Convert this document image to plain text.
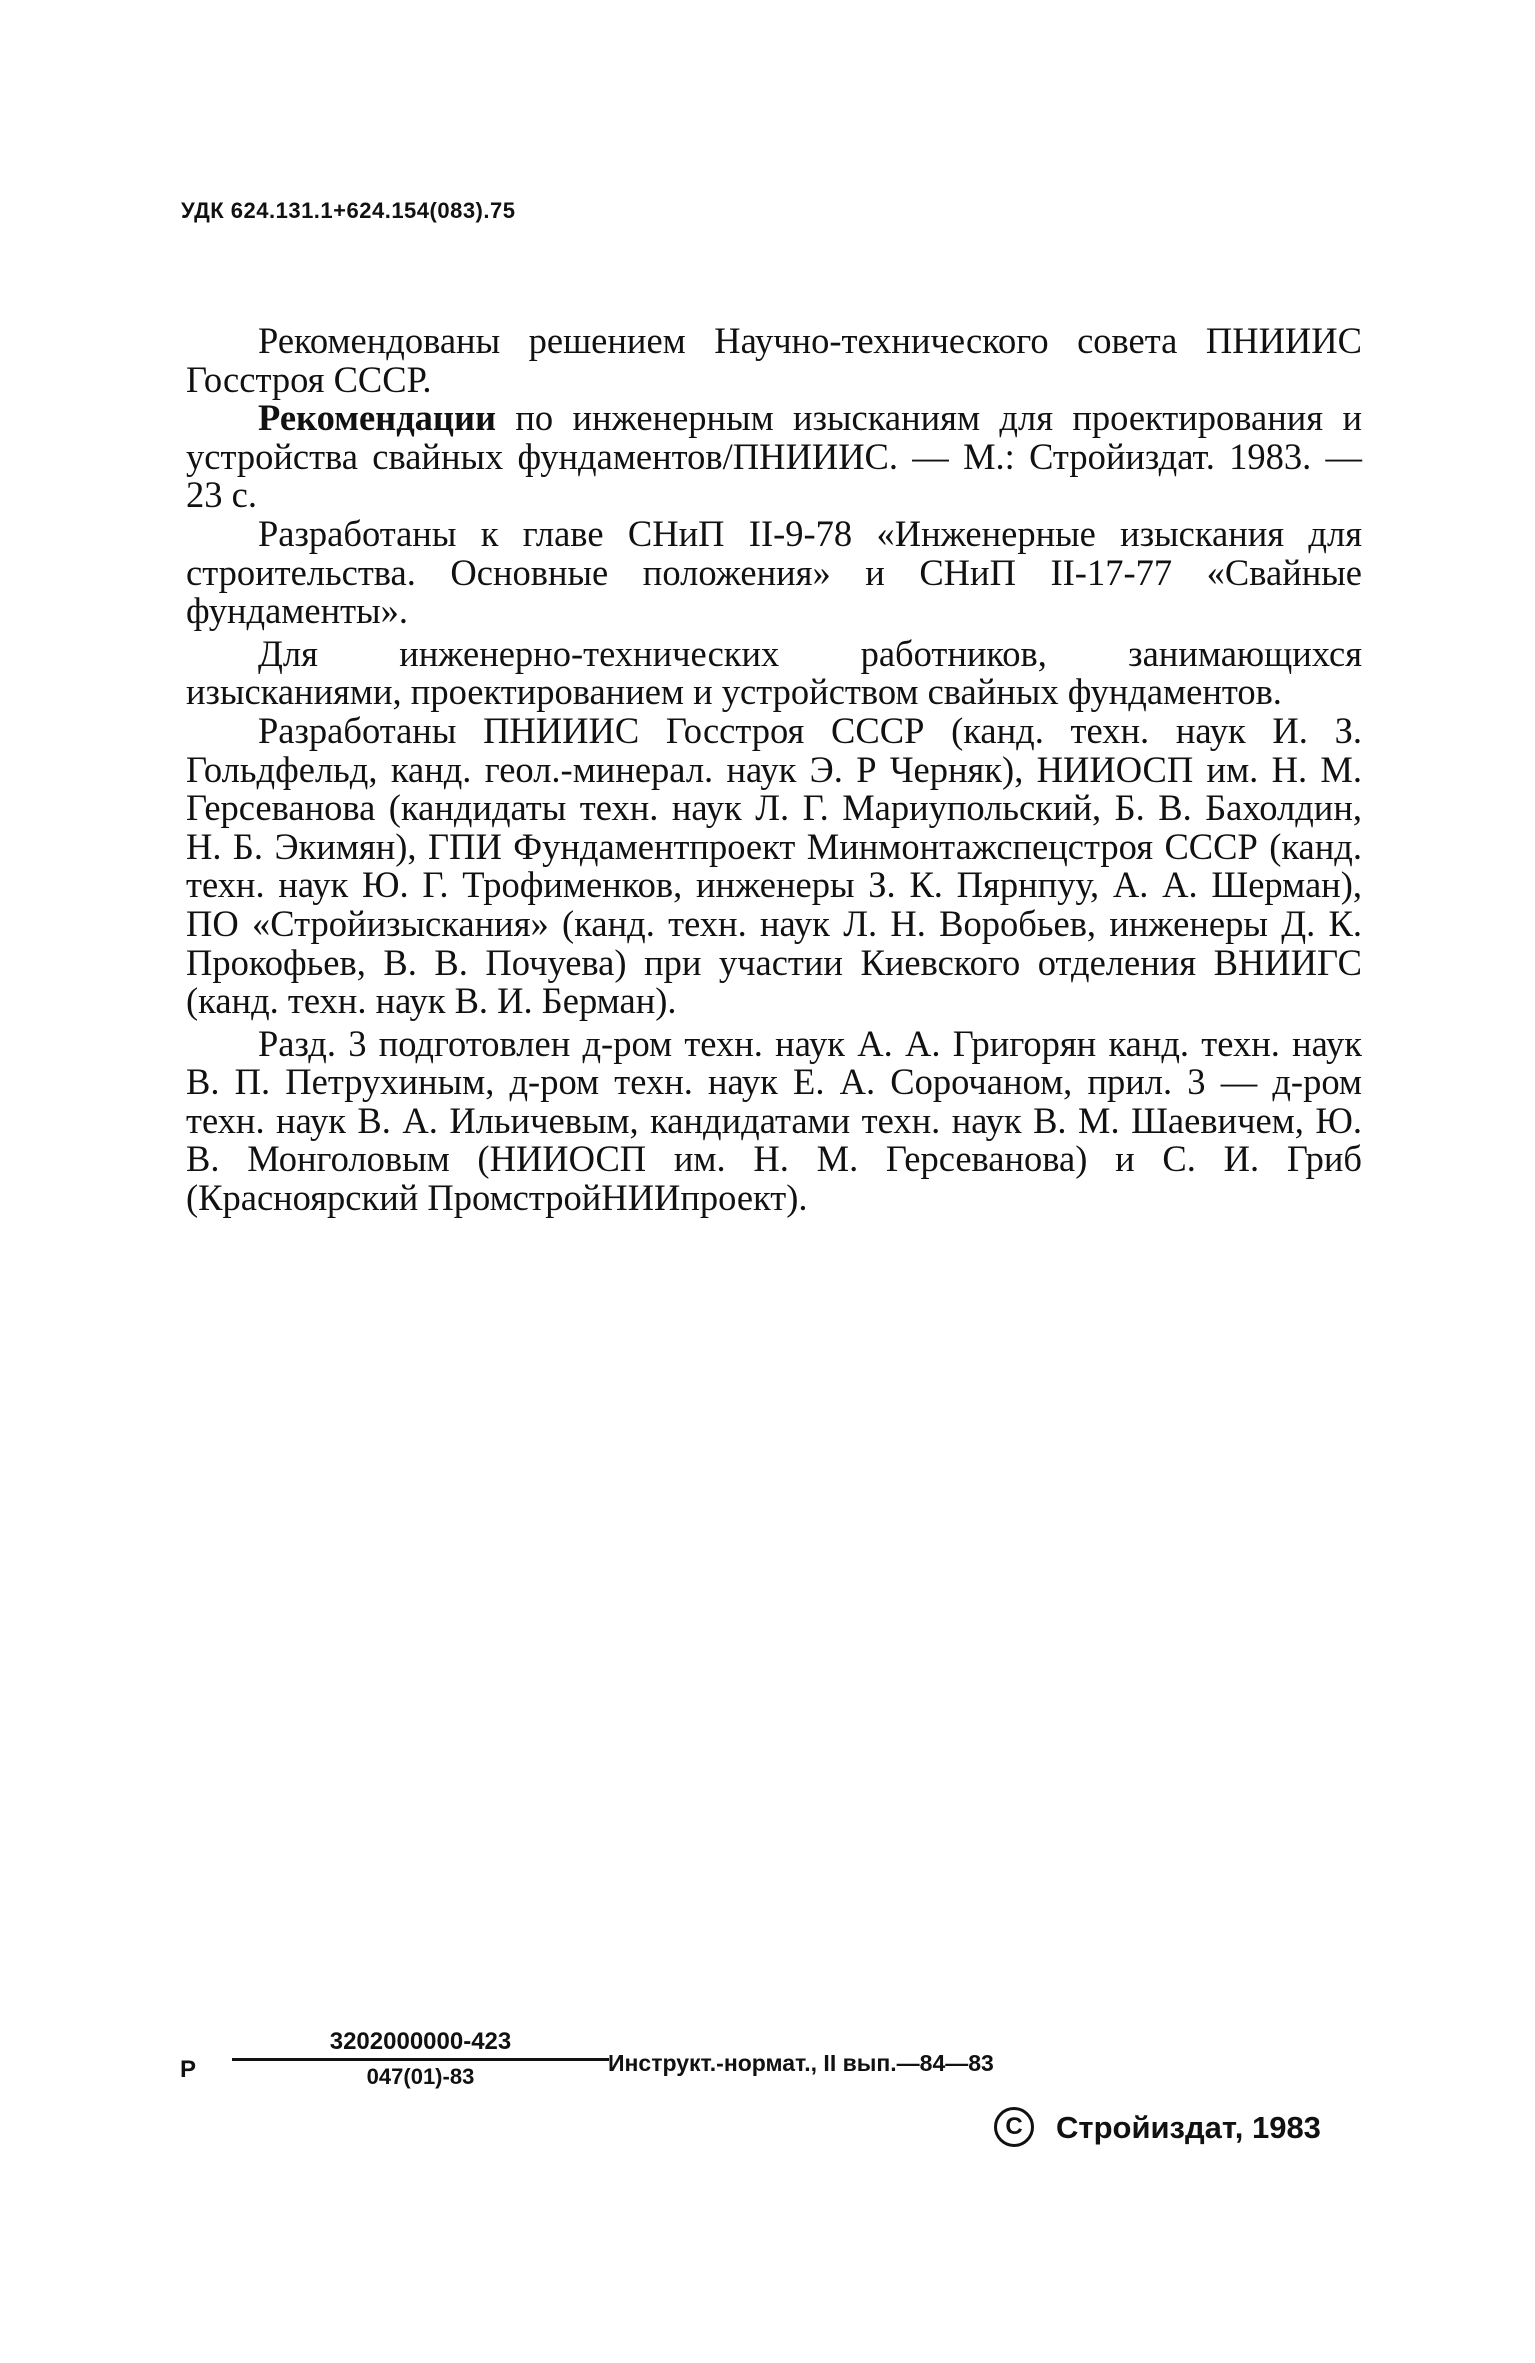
УДК 624.131.1+624.154(083).75

Рекомендованы решением Научно-технического совета ПНИИИС Госстроя СССР.

Рекомендации по инженерным изысканиям для проектирования и устройства свайных фундаментов/ПНИИИС. — М.: Стройиздат. 1983. — 23 с.

Разработаны к главе СНиП II-9-78 «Инженерные изыскания для строительства. Основные положения» и СНиП II-17-77 «Свайные фундаменты».

Для инженерно-технических работников, занимающихся изысканиями, проектированием и устройством свайных фундаментов.

Разработаны ПНИИИС Госстроя СССР (канд. техн. наук И. З. Гольдфельд, канд. геол.-минерал. наук Э. Р Черняк), НИИОСП им. Н. М. Герсеванова (кандидаты техн. наук Л. Г. Мариупольский, Б. В. Бахолдин, Н. Б. Экимян), ГПИ Фундаментпроект Минмонтажспецстроя СССР (канд. техн. наук Ю. Г. Трофименков, инженеры З. К. Пярнпуу, А. А. Шерман), ПО «Стройизыскания» (канд. техн. наук Л. Н. Воробьев, инженеры Д. К. Прокофьев, В. В. Почуева) при участии Киевского отделения ВНИИГС (канд. техн. наук В. И. Берман).

Разд. 3 подготовлен д-ром техн. наук А. А. Григорян канд. техн. наук В. П. Петрухиным, д-ром техн. наук Е. А. Сорочаном, прил. 3 — д-ром техн. наук В. А. Ильичевым, кандидатами техн. наук В. М. Шаевичем, Ю. В. Монголовым (НИИОСП им. Н. М. Герсеванова) и С. И. Гриб (Красноярский ПромстройНИИпроект).

Р
3202000000-423
047(01)-83
Инструкт.-нормат., II вып.—84—83
C Стройиздат, 1983
